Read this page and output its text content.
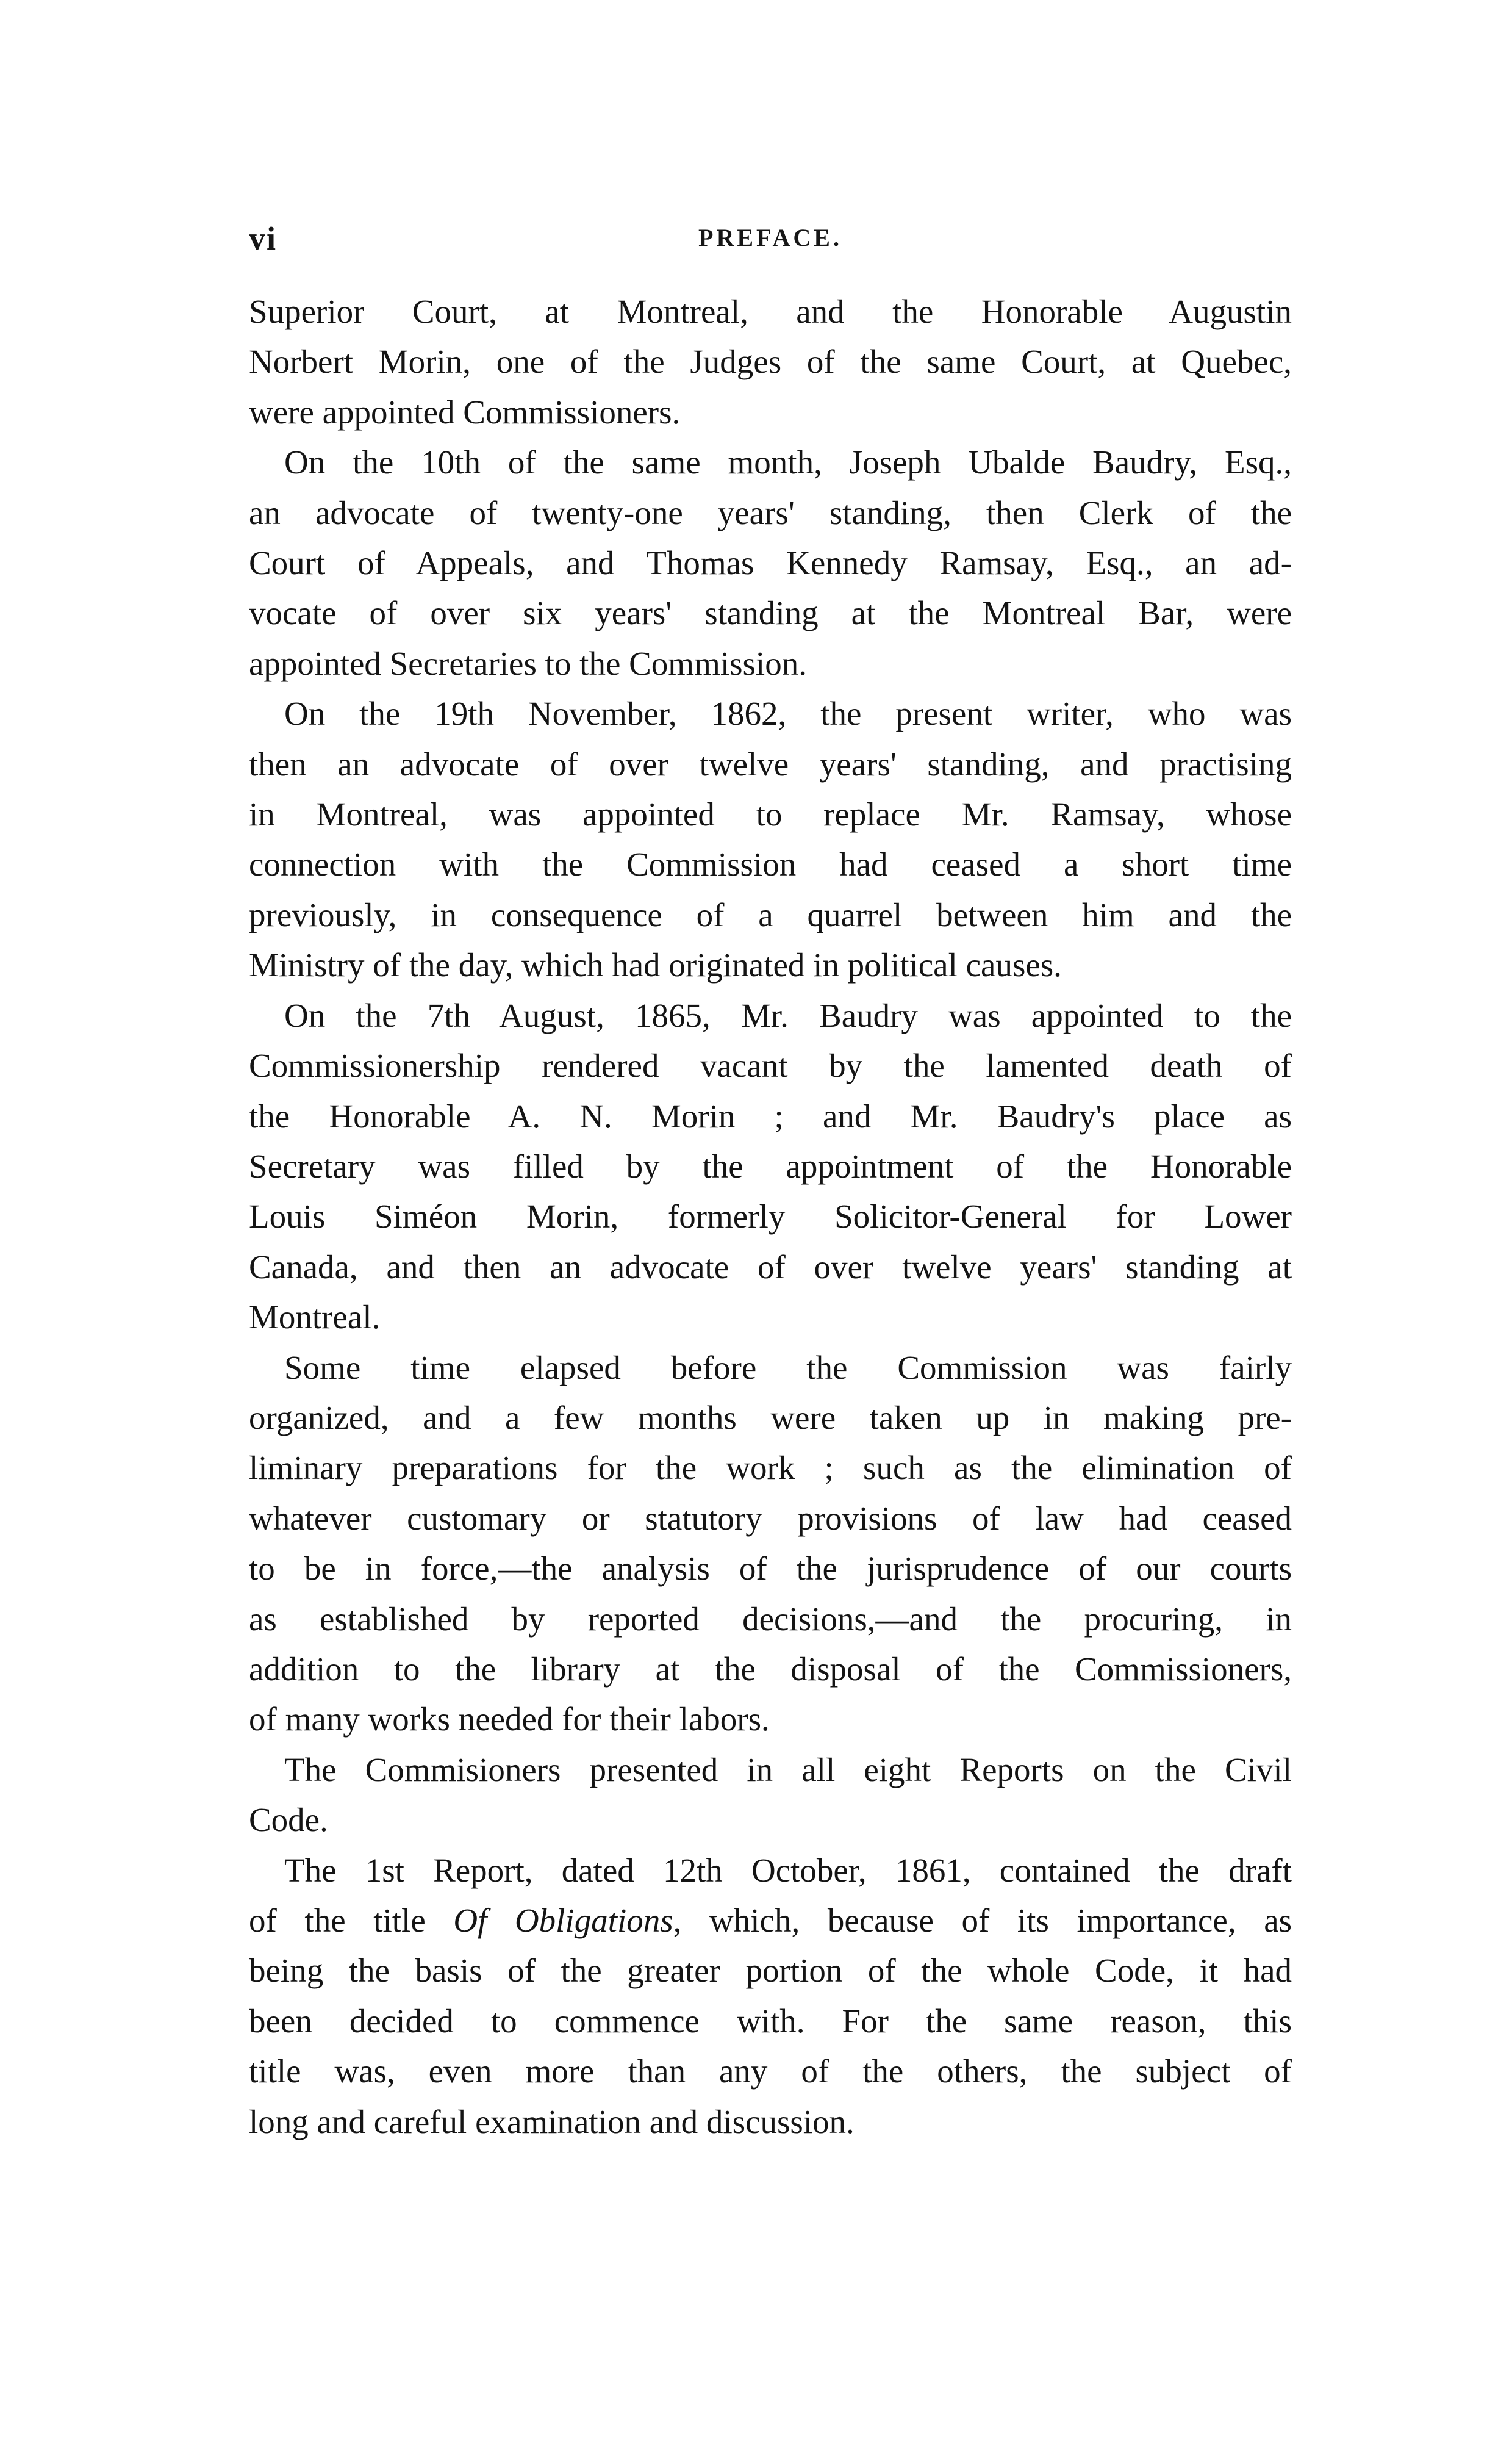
vi	PREFACE.
Superior Court, at Montreal, and the Honorable Augustin
Norbert Morin, one of the Judges of the same Court, at Quebec,
were appointed Commissioners.
On the 10th of the same month, Joseph Ubalde Baudry, Esq.,
an advocate of twenty-one years' standing, then Clerk of the
Court of Appeals, and Thomas Kennedy Ramsay, Esq., an ad-
vocate of over six years' standing at the Montreal Bar, were
appointed Secretaries to the Commission.
On the 19th November, 1862, the present writer, who was
then an advocate of over twelve years' standing, and practising
in Montreal, was appointed to replace Mr. Ramsay, whose
connection with the Commission had ceased a short time
previously, in consequence of a quarrel between him and the
Ministry of the day, which had originated in political causes.
On the 7th August, 1865, Mr. Baudry was appointed to the
Commissionership rendered vacant by the lamented death of
the Honorable A. N. Morin ; and Mr. Baudry's place as
Secretary was filled by the appointment of the Honorable
Louis Siméon Morin, formerly Solicitor-General for Lower
Canada, and then an advocate of over twelve years' standing at
Montreal.
Some time elapsed before the Commission was fairly
organized, and a few months were taken up in making pre-
liminary preparations for the work ; such as the elimination of
whatever customary or statutory provisions of law had ceased
to be in force,—the analysis of the jurisprudence of our courts
as established by reported decisions,—and the procuring, in
addition to the library at the disposal of the Commissioners,
of many works needed for their labors.
The Commisioners presented in all eight Reports on the Civil
Code.
The 1st Report, dated 12th October, 1861, contained the draft
of the title Of Obligations, which, because of its importance, as
being the basis of the greater portion of the whole Code, it had
been decided to commence with. For the same reason, this
title was, even more than any of the others, the subject of
long and careful examination and discussion.
